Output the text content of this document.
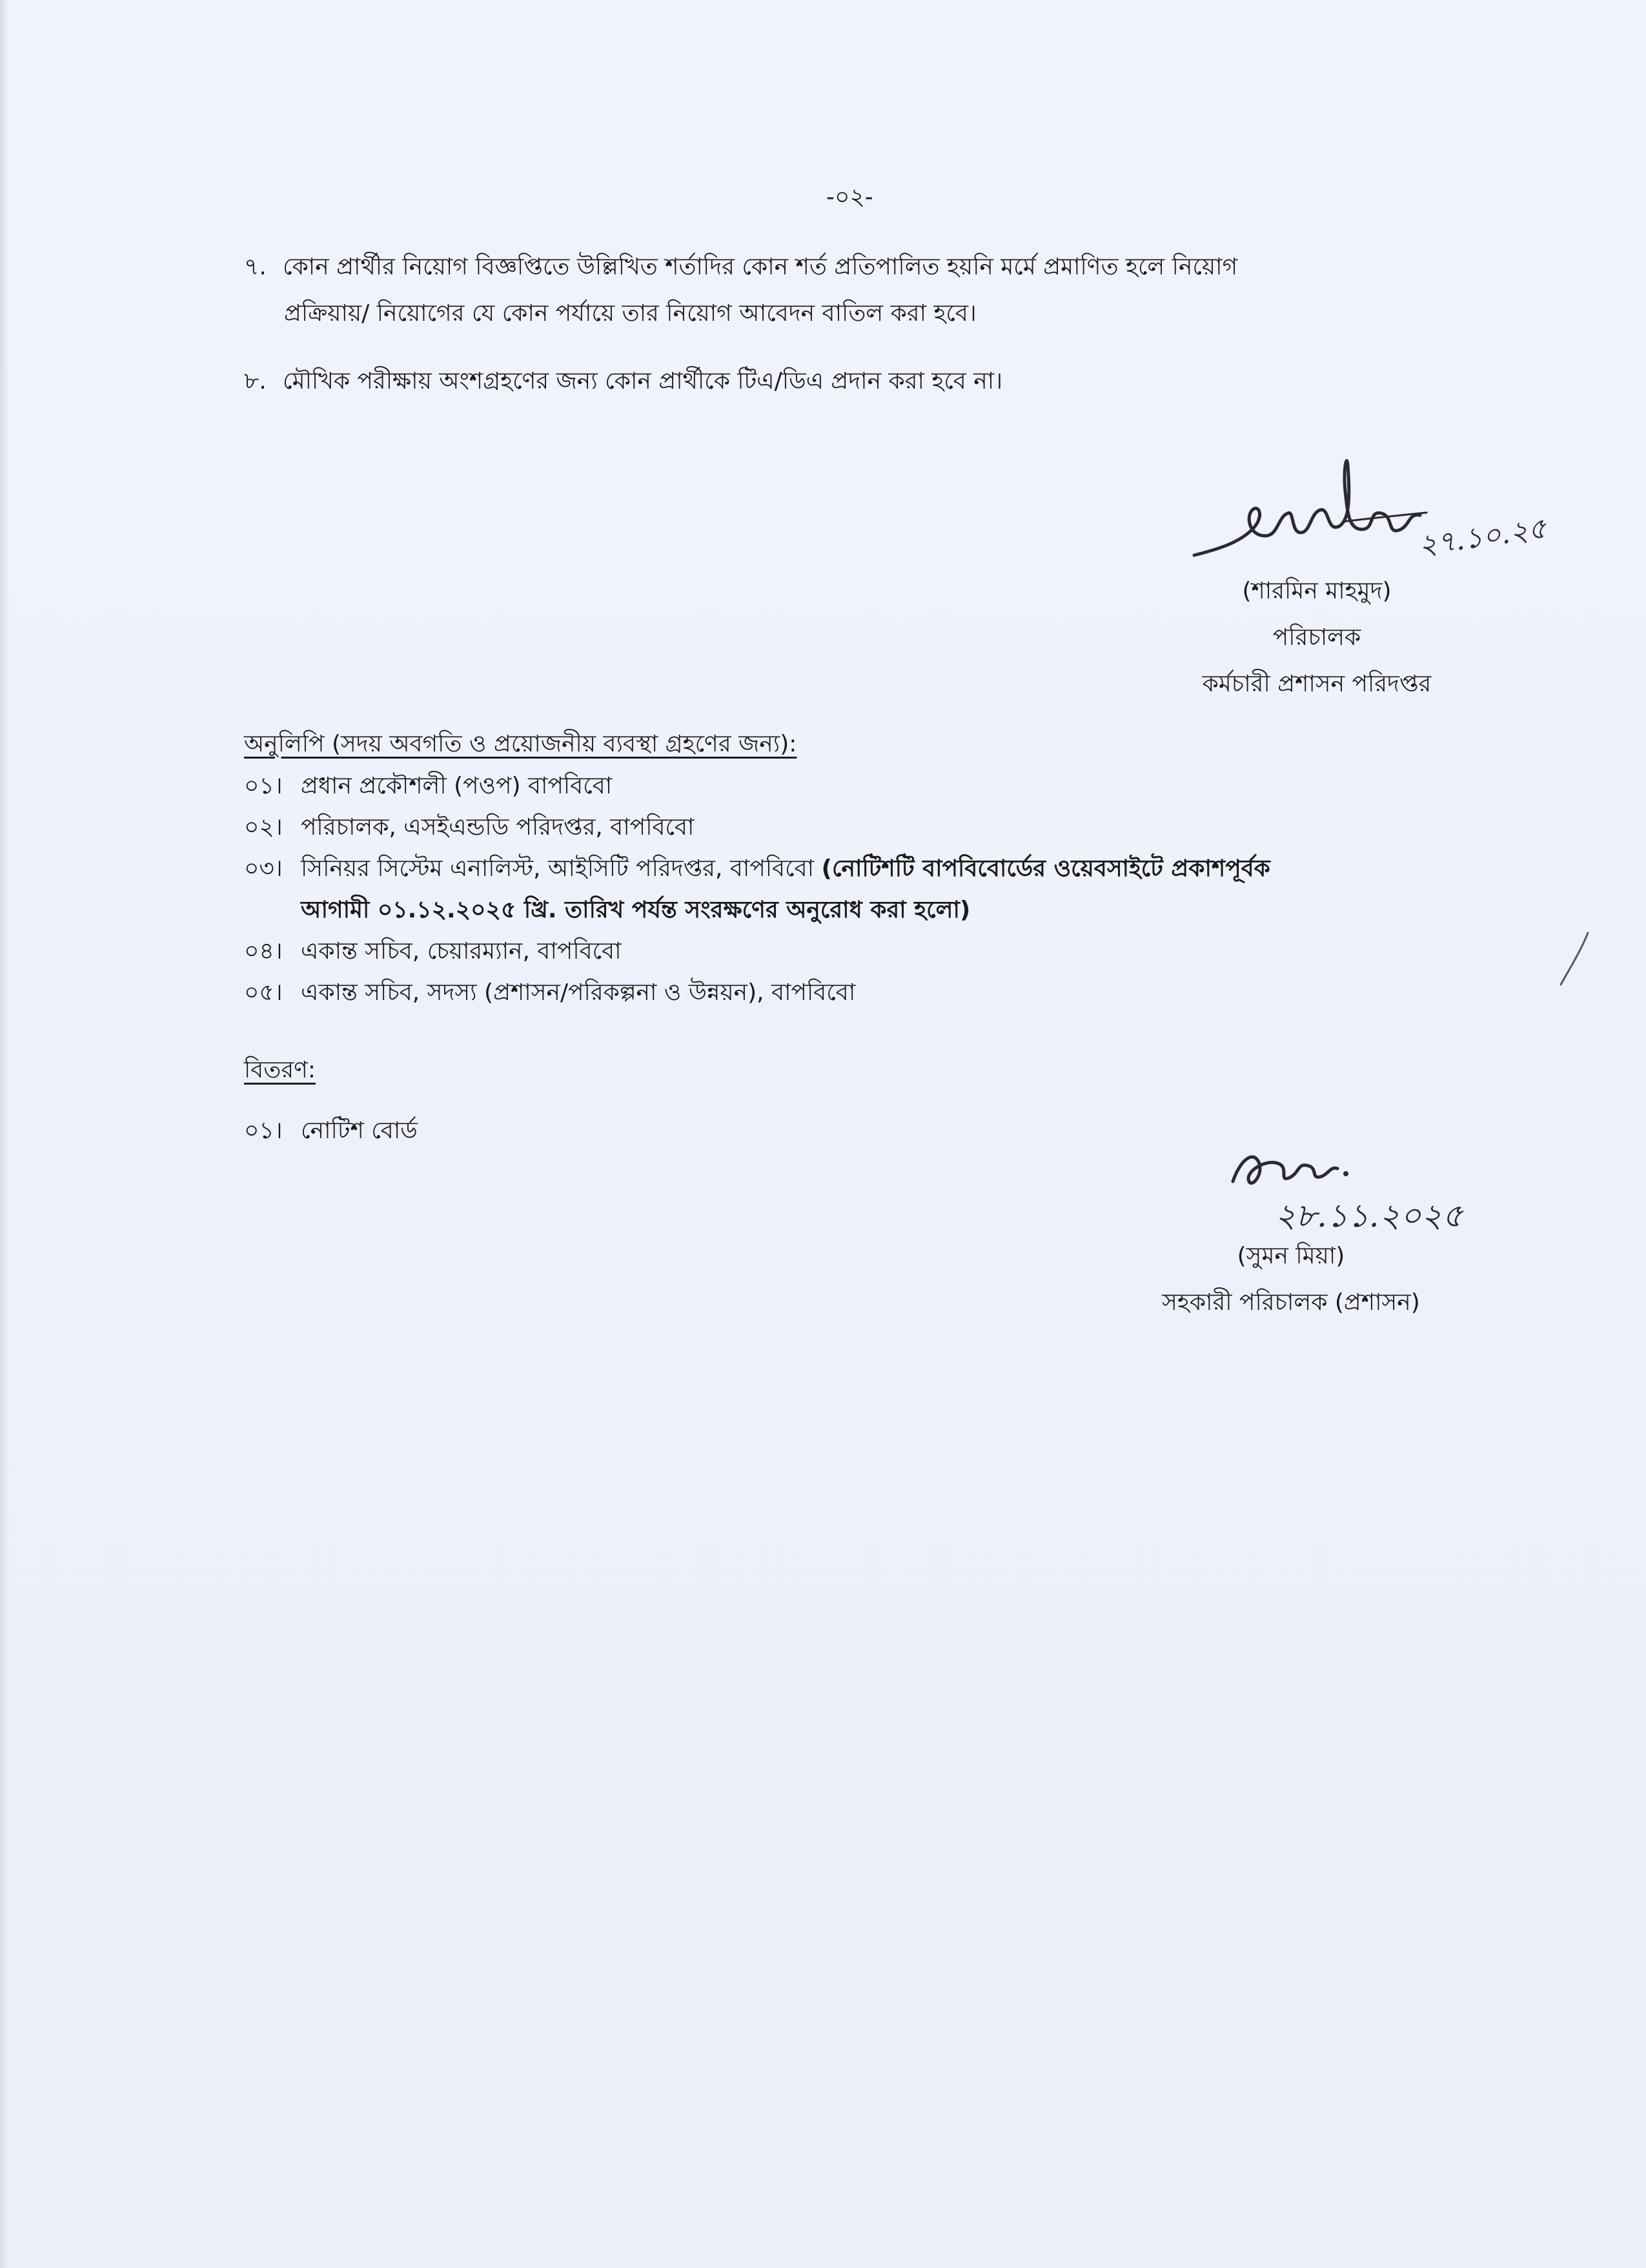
-০২-
৭. কোন প্রার্থীর নিয়োগ বিজ্ঞপ্তিতে উল্লিখিত শর্তাদির কোন শর্ত প্রতিপালিত হয়নি মর্মে প্রমাণিত হলে নিয়োগ
প্রক্রিয়ায়/ নিয়োগের যে কোন পর্যায়ে তার নিয়োগ আবেদন বাতিল করা হবে।
৮. মৌখিক পরীক্ষায় অংশগ্রহণের জন্য কোন প্রার্থীকে টিএ/ডিএ প্রদান করা হবে না।
২৭.১০.২৫
(শারমিন মাহমুদ)
পরিচালক
কর্মচারী প্রশাসন পরিদপ্তর
অনুলিপি (সদয় অবগতি ও প্রয়োজনীয় ব্যবস্থা গ্রহণের জন্য):
০১। প্রধান প্রকৌশলী (পওপ) বাপবিবো
০২। পরিচালক, এসইএন্ডডি পরিদপ্তর, বাপবিবো
০৩। সিনিয়র সিস্টেম এনালিস্ট, আইসিটি পরিদপ্তর, বাপবিবো (নোটিশটি বাপবিবোর্ডের ওয়েবসাইটে প্রকাশপূর্বক
আগামী ০১.১২.২০২৫ খ্রি. তারিখ পর্যন্ত সংরক্ষণের অনুরোধ করা হলো)
০৪। একান্ত সচিব, চেয়ারম্যান, বাপবিবো
০৫। একান্ত সচিব, সদস্য (প্রশাসন/পরিকল্পনা ও উন্নয়ন), বাপবিবো
বিতরণ:
০১। নোটিশ বোর্ড
২৮.১১.২০২৫
(সুমন মিয়া)
সহকারী পরিচালক (প্রশাসন)
